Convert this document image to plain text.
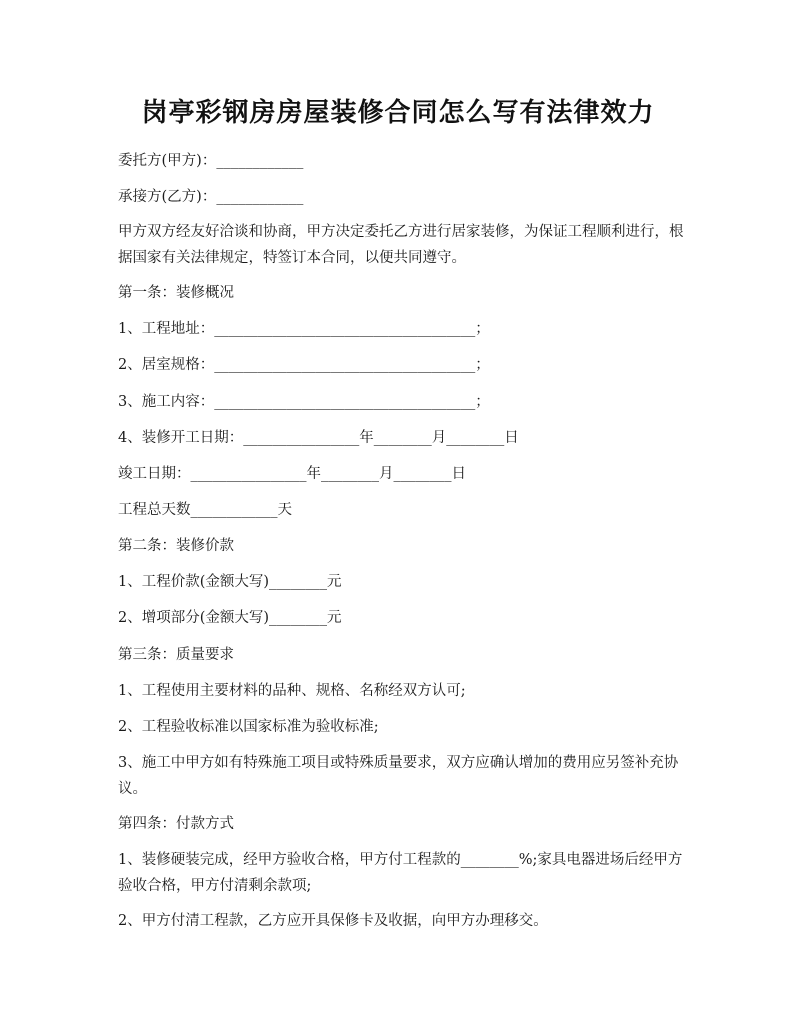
岗亭彩钢房房屋装修合同怎么写有法律效力
委托方(甲方)：____________
承接方(乙方)：____________
甲方双方经友好洽谈和协商，甲方决定委托乙方进行居家装修，为保证工程顺利进行，根据国家有关法律规定，特签订本合同，以便共同遵守。
第一条：装修概况
1、工程地址：____________________________________；
2、居室规格：____________________________________；
3、施工内容：____________________________________；
4、装修开工日期：________________年________月________日
竣工日期：________________年________月________日
工程总天数____________天
第二条：装修价款
1、工程价款(金额大写)________元
2、增项部分(金额大写)________元
第三条：质量要求
1、工程使用主要材料的品种、规格、名称经双方认可;
2、工程验收标准以国家标准为验收标准;
3、施工中甲方如有特殊施工项目或特殊质量要求，双方应确认增加的费用应另签补充协议。
第四条：付款方式
1、装修硬装完成，经甲方验收合格，甲方付工程款的________%;家具电器进场后经甲方验收合格，甲方付清剩余款项;
2、甲方付清工程款，乙方应开具保修卡及收据，向甲方办理移交。
